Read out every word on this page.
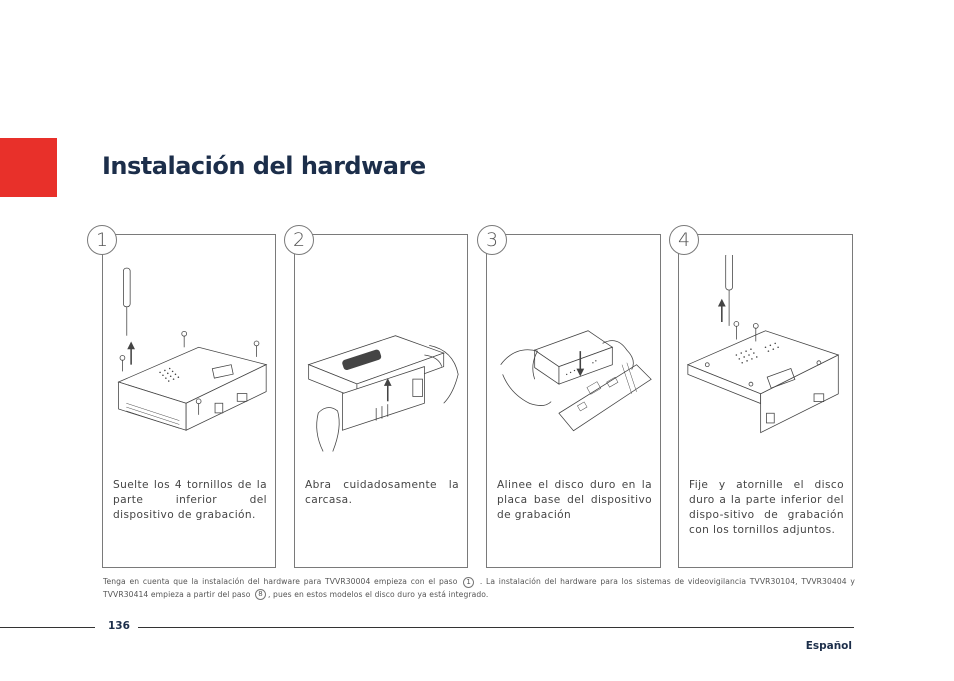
Instalación del hardware

Suelte los 4 tornillos de la parte inferior del dispositivo de grabación.

1

Abra cuidadosamente la carcasa.

2

Alinee el disco duro en la placa base del dispositivo de grabación

3

Fije y atornille el disco duro a la parte inferior del dispo-sitivo de grabación con los tornillos adjuntos.

4

Tenga en cuenta que la instalación del hardware para TVVR30004 empieza con el paso 1 . La instalación del hardware para los sistemas de videovigilancia TVVR30104, TVVR30404 y TVVR30414 empieza a partir del paso 8 , pues en estos modelos el disco duro ya está integrado.

136
Español
